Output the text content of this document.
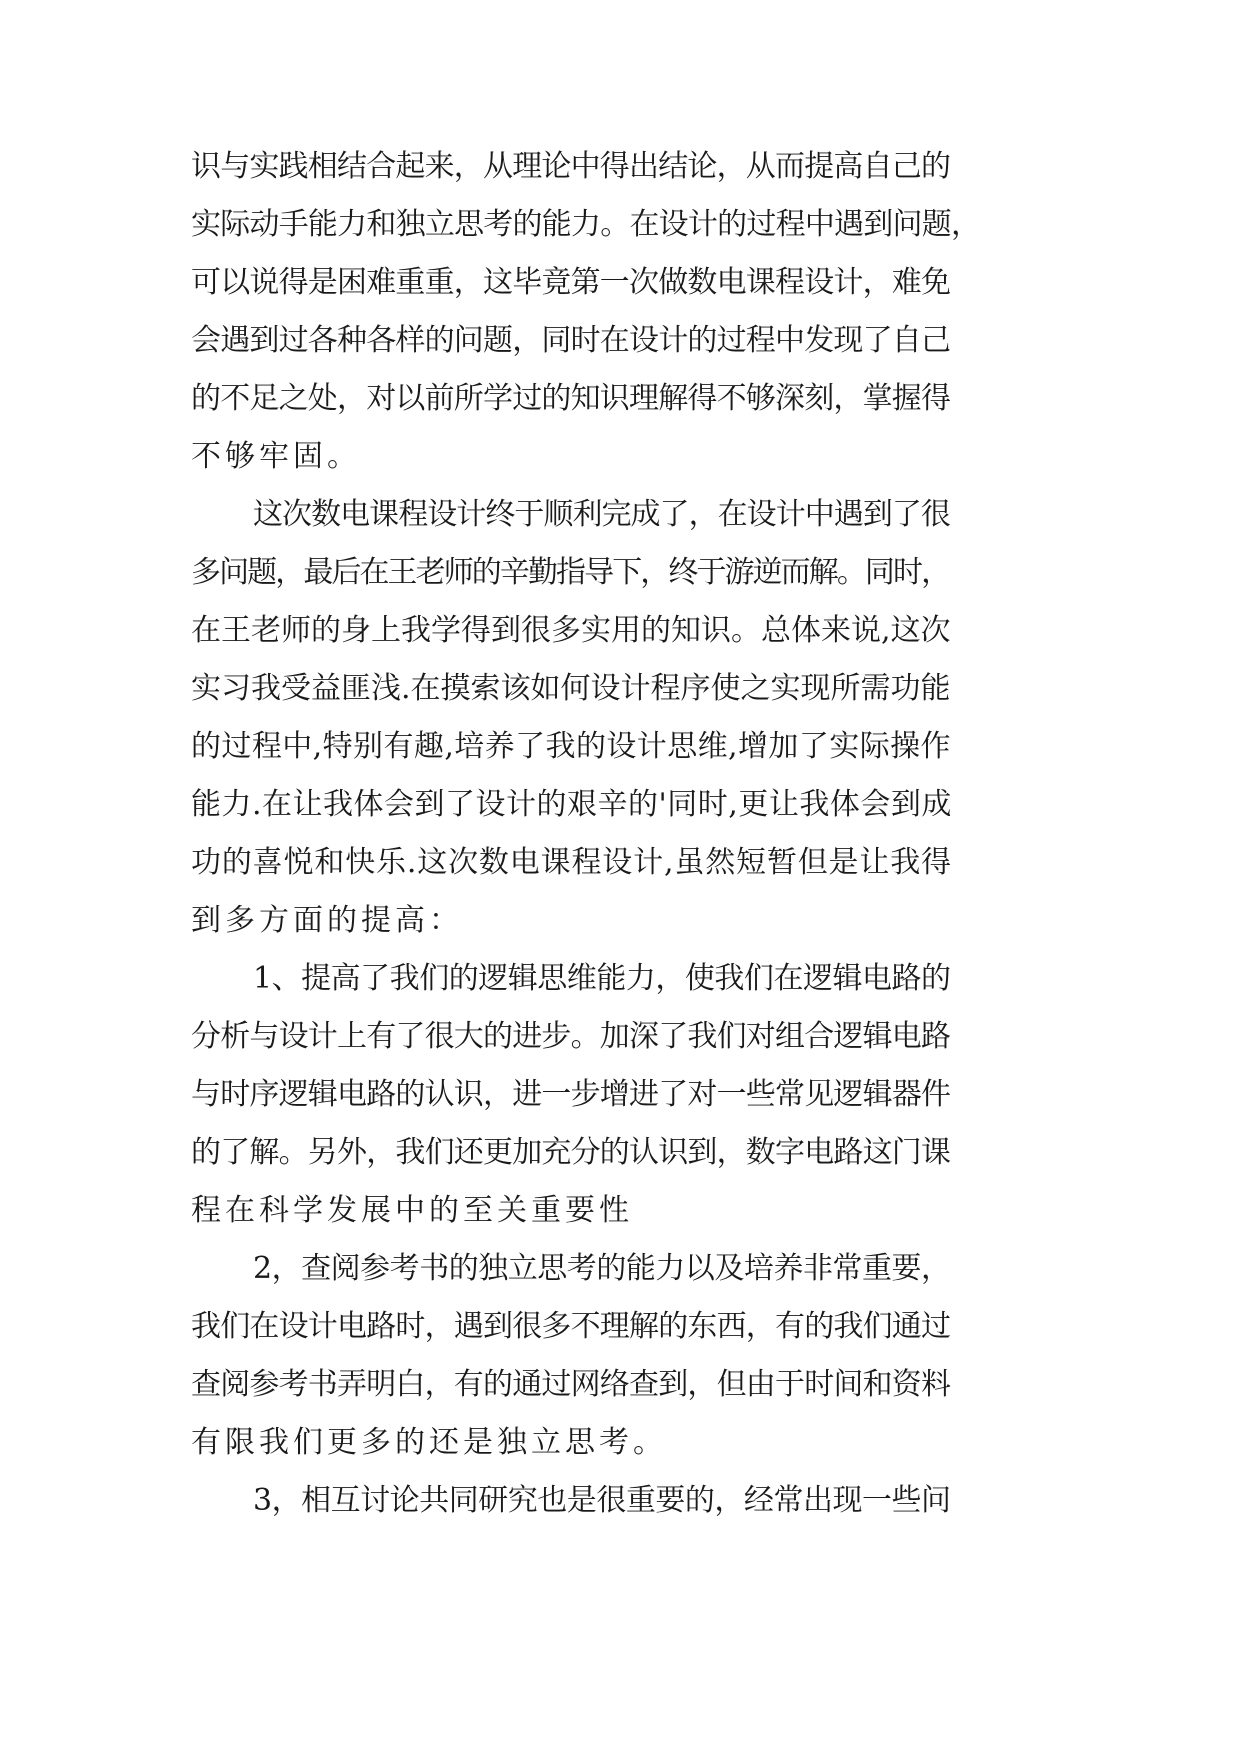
识与实践相结合起来，从理论中得出结论，从而提高自己的
实际动手能力和独立思考的能力。在设计的过程中遇到问题，
可以说得是困难重重，这毕竟第一次做数电课程设计，难免
会遇到过各种各样的问题，同时在设计的过程中发现了自己
的不足之处，对以前所学过的知识理解得不够深刻，掌握得
不够牢固。
这次数电课程设计终于顺利完成了，在设计中遇到了很
多问题，最后在王老师的辛勤指导下，终于游逆而解。同时，
在王老师的身上我学得到很多实用的知识。总体来说,这次
实习我受益匪浅.在摸索该如何设计程序使之实现所需功能
的过程中,特别有趣,培养了我的设计思维,增加了实际操作
能力.在让我体会到了设计的艰辛的'同时,更让我体会到成
功的喜悦和快乐.这次数电课程设计,虽然短暂但是让我得
到多方面的提高：
1、提高了我们的逻辑思维能力，使我们在逻辑电路的
分析与设计上有了很大的进步。加深了我们对组合逻辑电路
与时序逻辑电路的认识，进一步增进了对一些常见逻辑器件
的了解。另外，我们还更加充分的认识到，数字电路这门课
程在科学发展中的至关重要性
2，查阅参考书的独立思考的能力以及培养非常重要，
我们在设计电路时，遇到很多不理解的东西，有的我们通过
查阅参考书弄明白，有的通过网络查到，但由于时间和资料
有限我们更多的还是独立思考。
3，相互讨论共同研究也是很重要的，经常出现一些问
